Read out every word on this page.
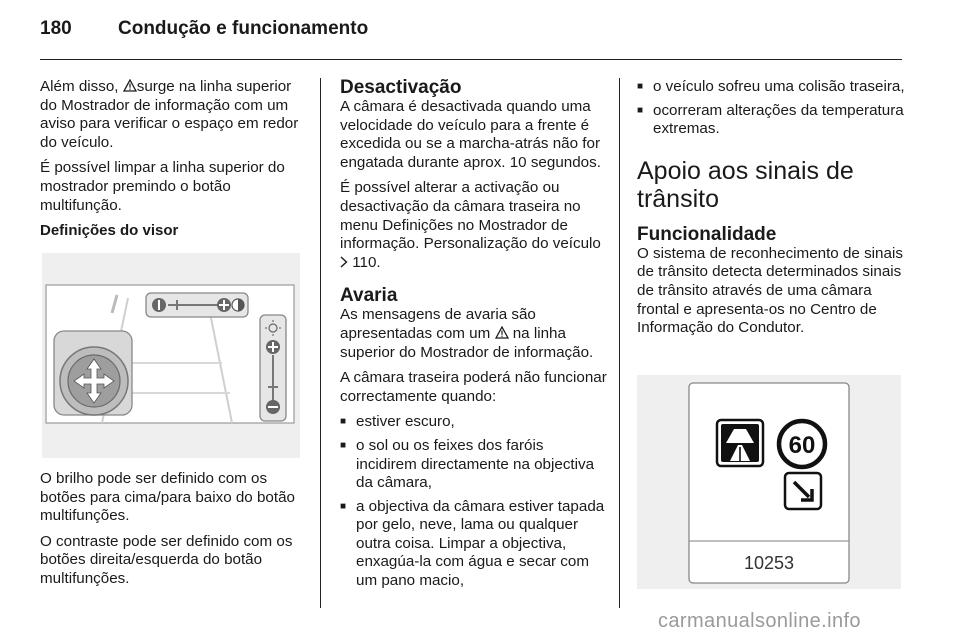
180 Condução e funcionamento

Além disso, surge na linha superior do Mostrador de informação com um aviso para verificar o espaço em redor do veículo.

É possível limpar a linha superior do mostrador premindo o botão multifunção.

Definições do visor

O brilho pode ser definido com os botões para cima/para baixo do botão multifunções.

O contraste pode ser definido com os botões direita/esquerda do botão multifunções.

Desactivação

A câmara é desactivada quando uma velocidade do veículo para a frente é excedida ou se a marcha-atrás não for engatada durante aprox. 10 segundos.

É possível alterar a activação ou desactivação da câmara traseira no menu Definições no Mostrador de informação. Personalização do veículo  110.

Avaria

As mensagens de avaria são apresentadas com um  na linha superior do Mostrador de informação.

A câmara traseira poderá não funcionar correctamente quando:

■ estiver escuro,
■ o sol ou os feixes dos faróis incidirem directamente na objectiva da câmara,
■ a objectiva da câmara estiver tapada por gelo, neve, lama ou qualquer outra coisa. Limpar a objectiva, enxagúa-la com água e secar com um pano macio,
■ o veículo sofreu uma colisão traseira,
■ ocorreram alterações da temperatura extremas.
Apoio aos sinais de trânsito
Funcionalidade

O sistema de reconhecimento de sinais de trânsito detecta determinados sinais de trânsito através de uma câmara frontal e apresenta-os no Centro de Informação do Condutor.

60
10253
carmanualsonline.info
